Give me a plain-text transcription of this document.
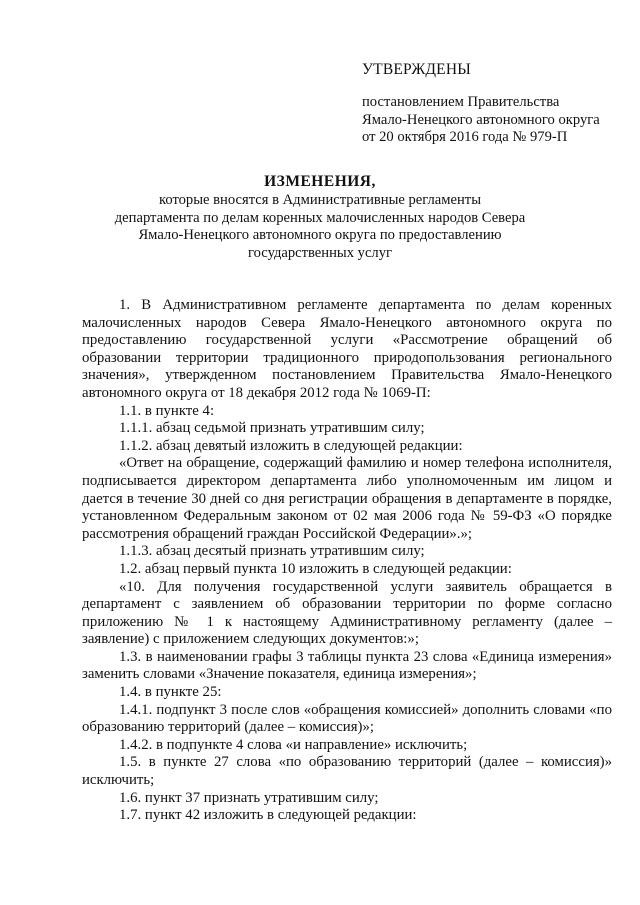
УТВЕРЖДЕНЫ
постановлением Правительства
Ямало-Ненецкого автономного округа
от 20 октября 2016 года № 979-П
ИЗМЕНЕНИЯ,
которые вносятся в Административные регламенты
департамента по делам коренных малочисленных народов Севера
Ямало-Ненецкого автономного округа по предоставлению
государственных услуг
1. В Административном регламенте департамента по делам коренных малочисленных народов Севера Ямало-Ненецкого автономного округа по предоставлению государственной услуги «Рассмотрение обращений об образовании территории традиционного природопользования регионального значения», утвержденном постановлением Правительства Ямало-Ненецкого автономного округа от 18 декабря 2012 года № 1069-П:
1.1. в пункте 4:
1.1.1. абзац седьмой признать утратившим силу;
1.1.2. абзац девятый изложить в следующей редакции:
«Ответ на обращение, содержащий фамилию и номер телефона исполнителя, подписывается директором департамента либо уполномоченным им лицом и дается в течение 30 дней со дня регистрации обращения в департаменте в порядке, установленном Федеральным законом от 02 мая 2006 года № 59-ФЗ «О порядке рассмотрения обращений граждан Российской Федерации».»;
1.1.3. абзац десятый признать утратившим силу;
1.2. абзац первый пункта 10 изложить в следующей редакции:
«10. Для получения государственной услуги заявитель обращается в департамент с заявлением об образовании территории по форме согласно приложению № 1 к настоящему Административному регламенту (далее – заявление) с приложением следующих документов:»;
1.3. в наименовании графы 3 таблицы пункта 23 слова «Единица измерения» заменить словами «Значение показателя, единица измерения»;
1.4. в пункте 25:
1.4.1. подпункт 3 после слов «обращения комиссией» дополнить словами «по образованию территорий (далее – комиссия)»;
1.4.2. в подпункте 4 слова «и направление» исключить;
1.5. в пункте 27 слова «по образованию территорий (далее – комиссия)» исключить;
1.6. пункт 37 признать утратившим силу;
1.7. пункт 42 изложить в следующей редакции:
